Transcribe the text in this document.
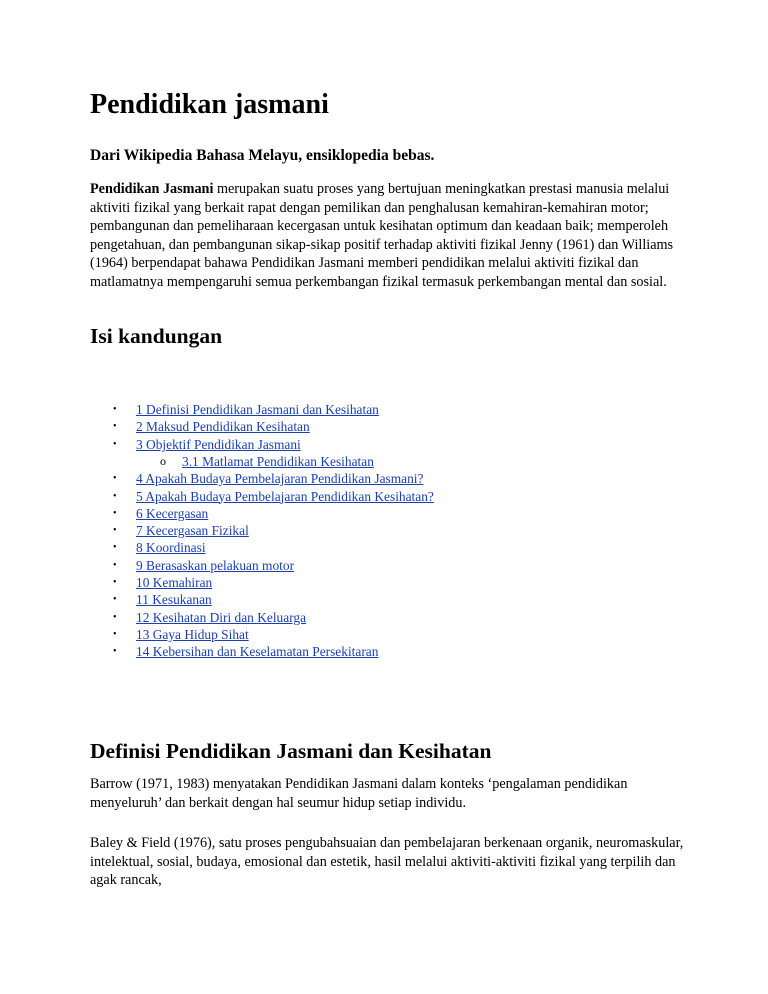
Pendidikan jasmani

Dari Wikipedia Bahasa Melayu, ensiklopedia bebas.

Pendidikan Jasmani merupakan suatu proses yang bertujuan meningkatkan prestasi manusia melalui aktiviti fizikal yang berkait rapat dengan pemilikan dan penghalusan kemahiran-kemahiran motor; pembangunan dan pemeliharaan kecergasan untuk kesihatan optimum dan keadaan baik; memperoleh pengetahuan, dan pembangunan sikap-sikap positif terhadap aktiviti fizikal Jenny (1961) dan Williams (1964) berpendapat bahawa Pendidikan Jasmani memberi pendidikan melalui aktiviti fizikal dan matlamatnya mempengaruhi semua perkembangan fizikal termasuk perkembangan mental dan sosial.

Isi kandungan
• 1 Definisi Pendidikan Jasmani dan Kesihatan
• 2 Maksud Pendidikan Kesihatan
• 3 Objektif Pendidikan Jasmani
o 3.1 Matlamat Pendidikan Kesihatan
• 4 Apakah Budaya Pembelajaran Pendidikan Jasmani?
• 5 Apakah Budaya Pembelajaran Pendidikan Kesihatan?
• 6 Kecergasan
• 7 Kecergasan Fizikal
• 8 Koordinasi
• 9 Berasaskan pelakuan motor
• 10 Kemahiran
• 11 Kesukanan
• 12 Kesihatan Diri dan Keluarga
• 13 Gaya Hidup Sihat
• 14 Kebersihan dan Keselamatan Persekitaran
Definisi Pendidikan Jasmani dan Kesihatan

Barrow (1971, 1983) menyatakan Pendidikan Jasmani dalam konteks ‘pengalaman pendidikan menyeluruh’ dan berkait dengan hal seumur hidup setiap individu.

Baley & Field (1976), satu proses pengubahsuaian dan pembelajaran berkenaan organik, neuromaskular, intelektual, sosial, budaya, emosional dan estetik, hasil melalui aktiviti-aktiviti fizikal yang terpilih dan agak rancak,
